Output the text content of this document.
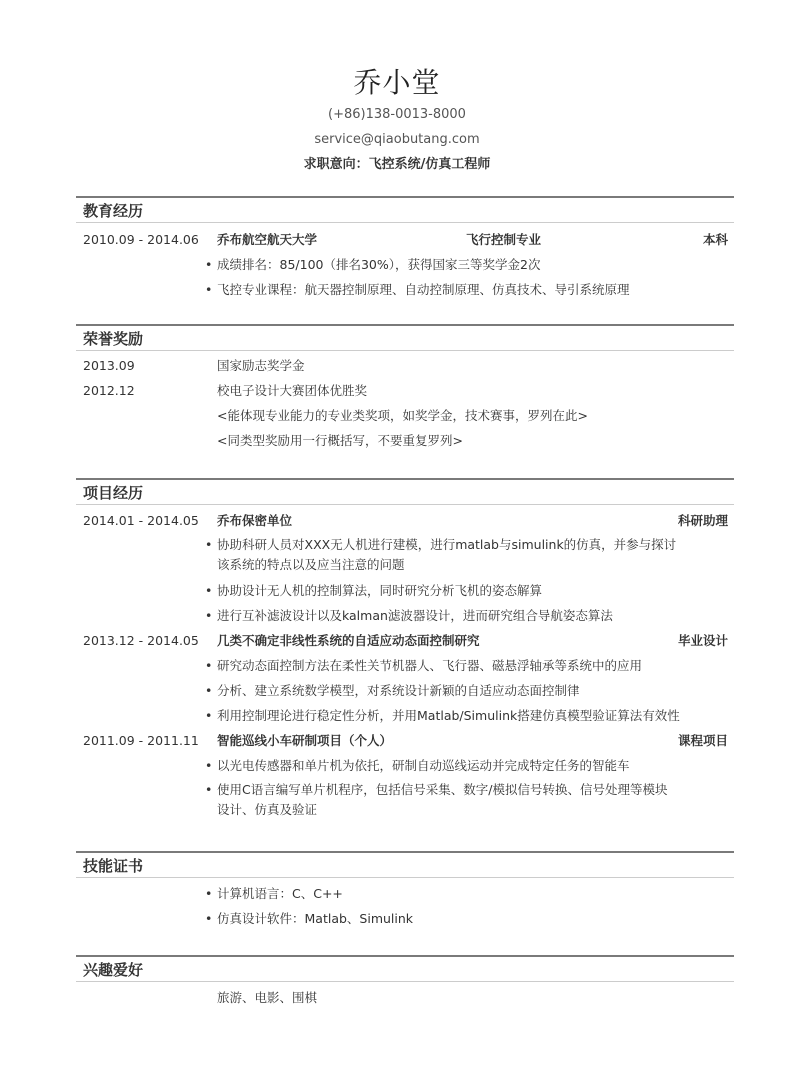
乔小堂
(+86)138-0013-8000
service@qiaobutang.com
求职意向：飞控系统/仿真工程师
教育经历
2010.09 - 2014.06 乔布航空航天大学	飞行控制专业	本科
• 成绩排名：85/100（排名30%），获得国家三等奖学金2次
• 飞控专业课程：航天器控制原理、自动控制原理、仿真技术、导引系统原理
荣誉奖励
2013.09	国家励志奖学金
2012.12	校电子设计大赛团体优胜奖
<能体现专业能力的专业类奖项，如奖学金，技术赛事，罗列在此>
<同类型奖励用一行概括写，不要重复罗列>
项目经历
2014.01 - 2014.05 乔布保密单位	科研助理
• 协助科研人员对XXX无人机进行建模，进行matlab与simulink的仿真，并参与探讨
该系统的特点以及应当注意的问题
• 协助设计无人机的控制算法，同时研究分析飞机的姿态解算
• 进行互补滤波设计以及kalman滤波器设计，进而研究组合导航姿态算法
2013.12 - 2014.05 几类不确定非线性系统的自适应动态面控制研究	毕业设计
• 研究动态面控制方法在柔性关节机器人、飞行器、磁悬浮轴承等系统中的应用
• 分析、建立系统数学模型，对系统设计新颖的自适应动态面控制律
• 利用控制理论进行稳定性分析，并用Matlab/Simulink搭建仿真模型验证算法有效性
2011.09 - 2011.11 智能巡线小车研制项目（个人）	课程项目
• 以光电传感器和单片机为依托，研制自动巡线运动并完成特定任务的智能车
• 使用C语言编写单片机程序，包括信号采集、数字/模拟信号转换、信号处理等模块
设计、仿真及验证
技能证书
• 计算机语言：C、C++
• 仿真设计软件：Matlab、Simulink
兴趣爱好
旅游、电影、围棋
